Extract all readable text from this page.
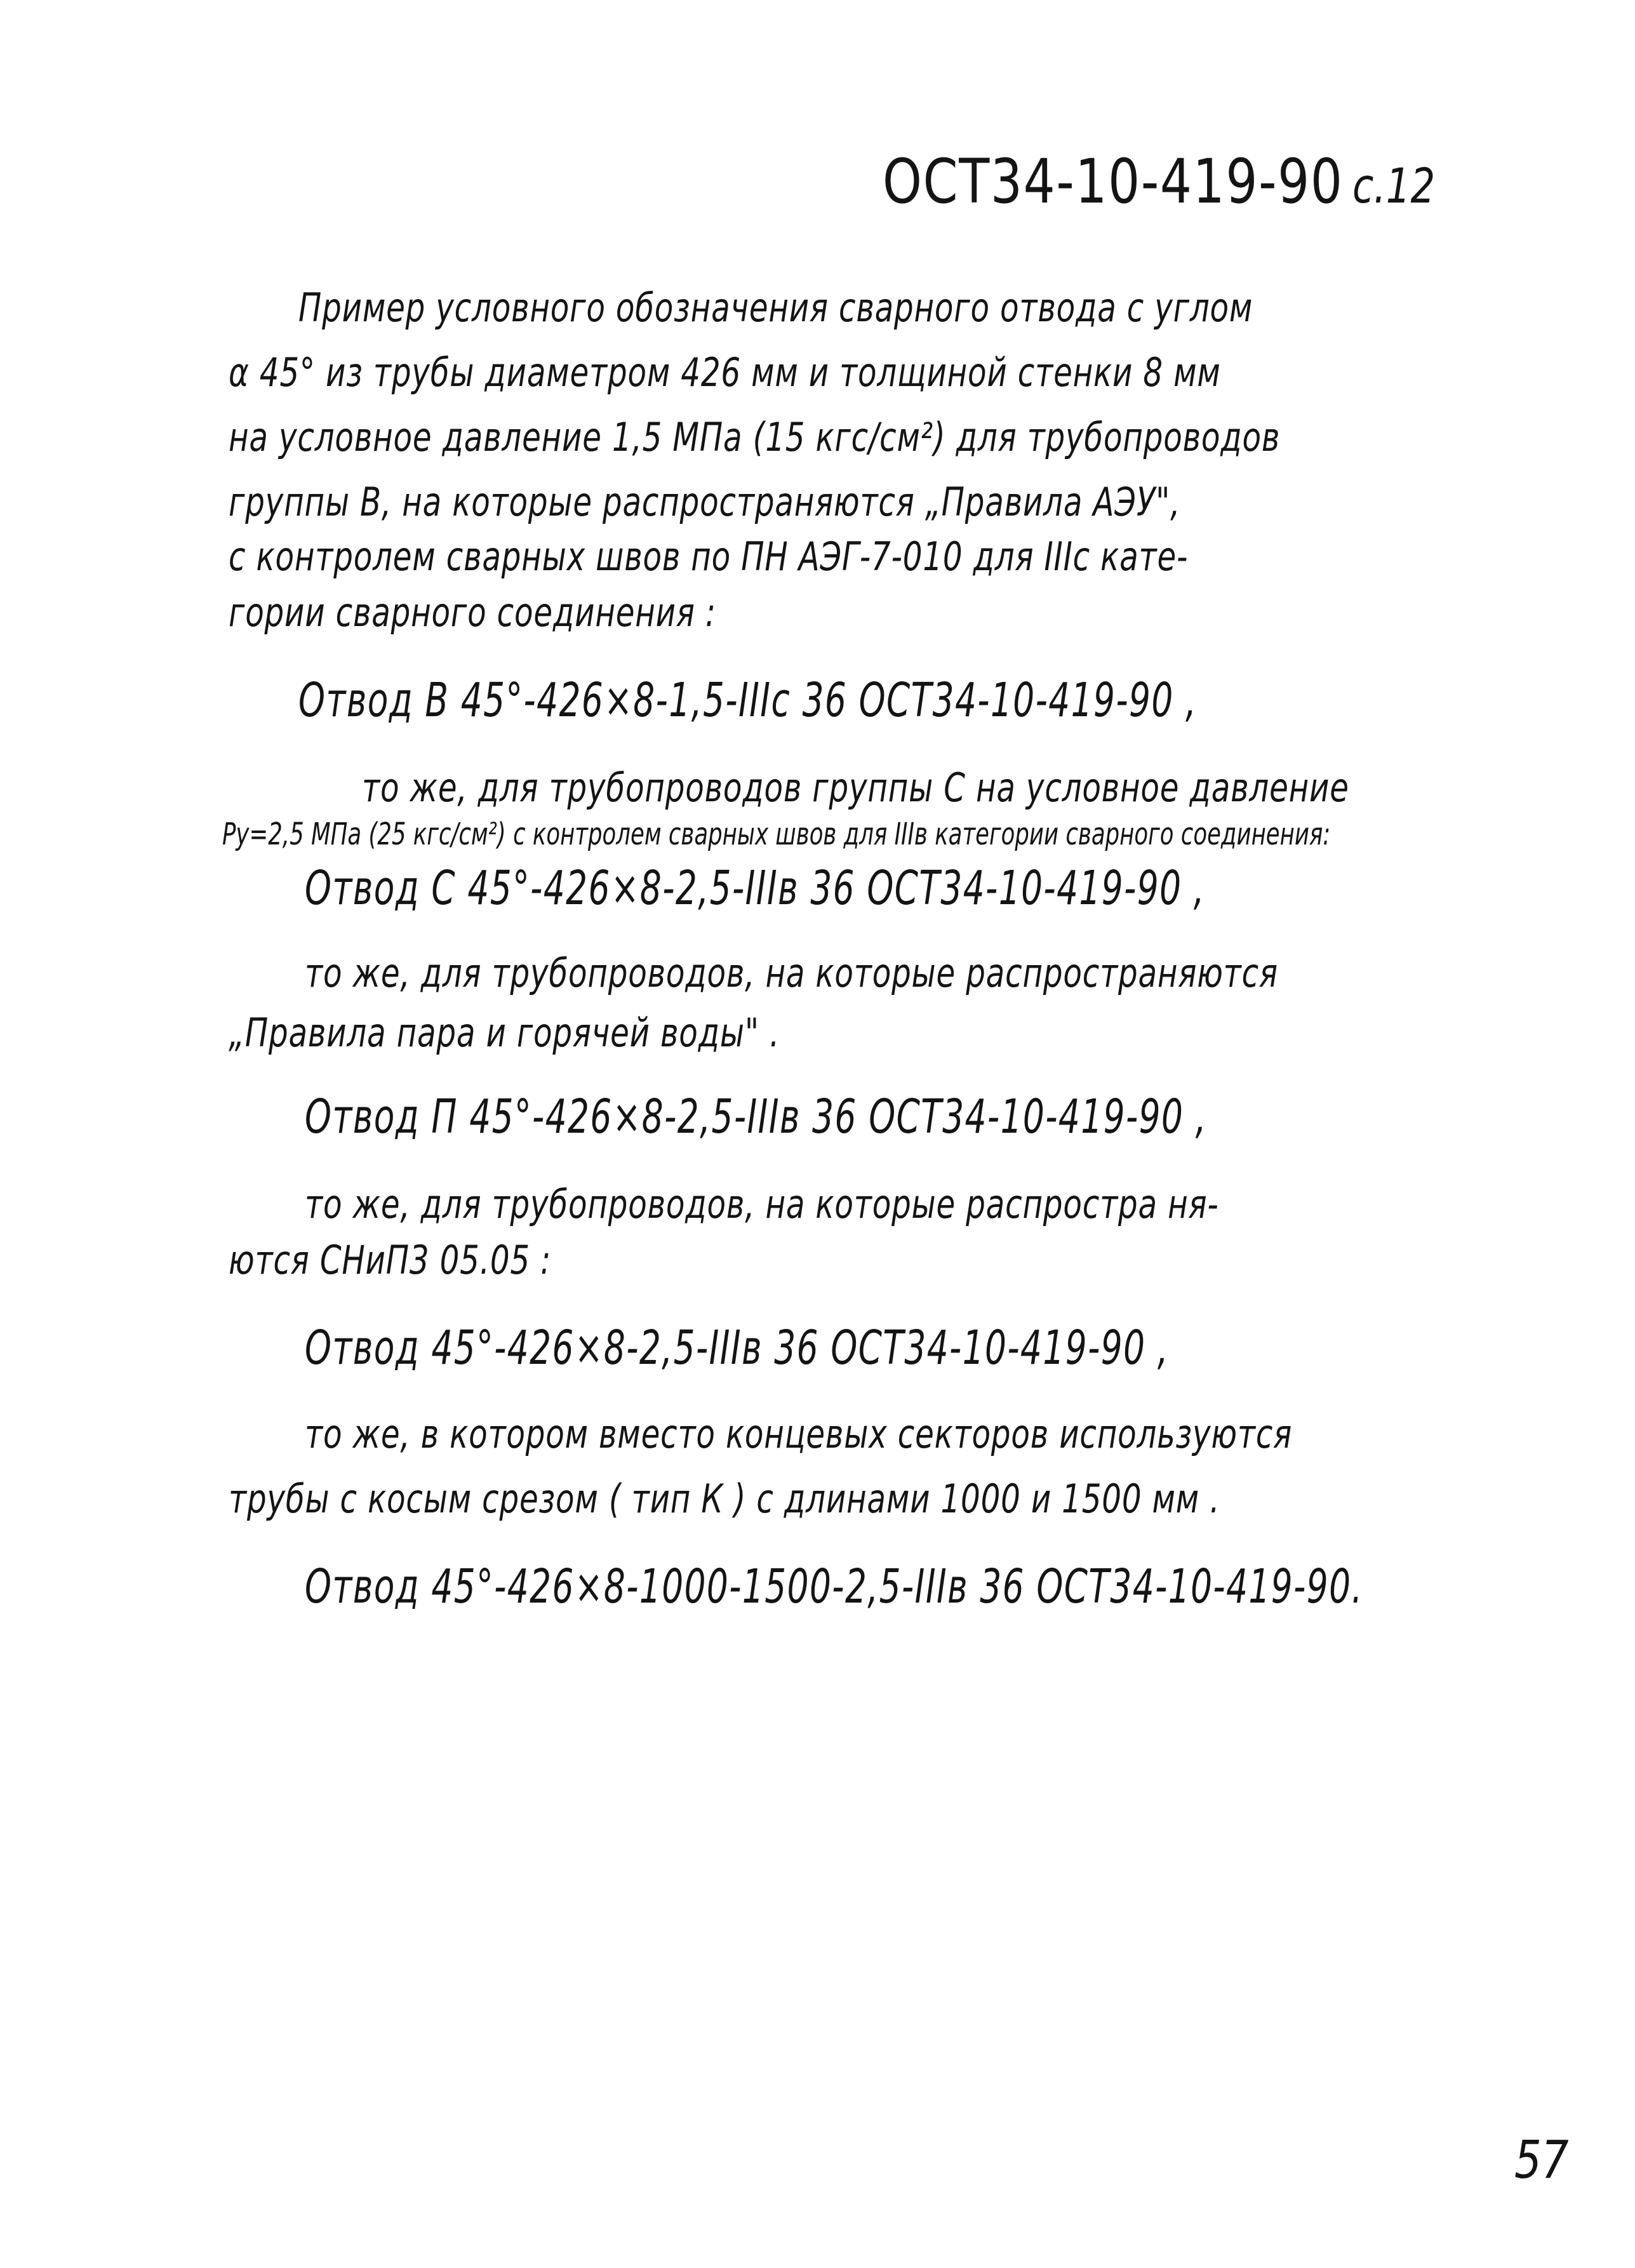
ОСТ34-10-419-90 с.12
Пример условного обозначения сварного отвода с углом
α 45° из трубы диаметром 426 мм и толщиной стенки 8 мм
на условное давление 1,5 МПа (15 кгс/см²) для трубопроводов
группы В, на которые распространяются „Правила АЭУ",
с контролем сварных швов по ПН АЭГ-7-010 для IIIс кате-
гории сварного соединения :
Отвод В 45°-426×8-1,5-IIIс 36 ОСТ34-10-419-90 ,
то же, для трубопроводов группы С на условное давление
Ру=2,5 МПа (25 кгс/см²) с контролем сварных швов для IIIв категории сварного соединения:
Отвод С 45°-426×8-2,5-IIIв 36 ОСТ34-10-419-90 ,
то же, для трубопроводов, на которые распространяются
„Правила пара и горячей воды" .
Отвод П 45°-426×8-2,5-IIIв 36 ОСТ34-10-419-90 ,
то же, для трубопроводов, на которые распростра ня-
ются СНиП3 05.05 :
Отвод 45°-426×8-2,5-IIIв 36 ОСТ34-10-419-90 ,
то же, в котором вместо концевых секторов используются
трубы с косым срезом ( тип К ) с длинами 1000 и 1500 мм .
Отвод 45°-426×8-1000-1500-2,5-IIIв 36 ОСТ34-10-419-90.
57
